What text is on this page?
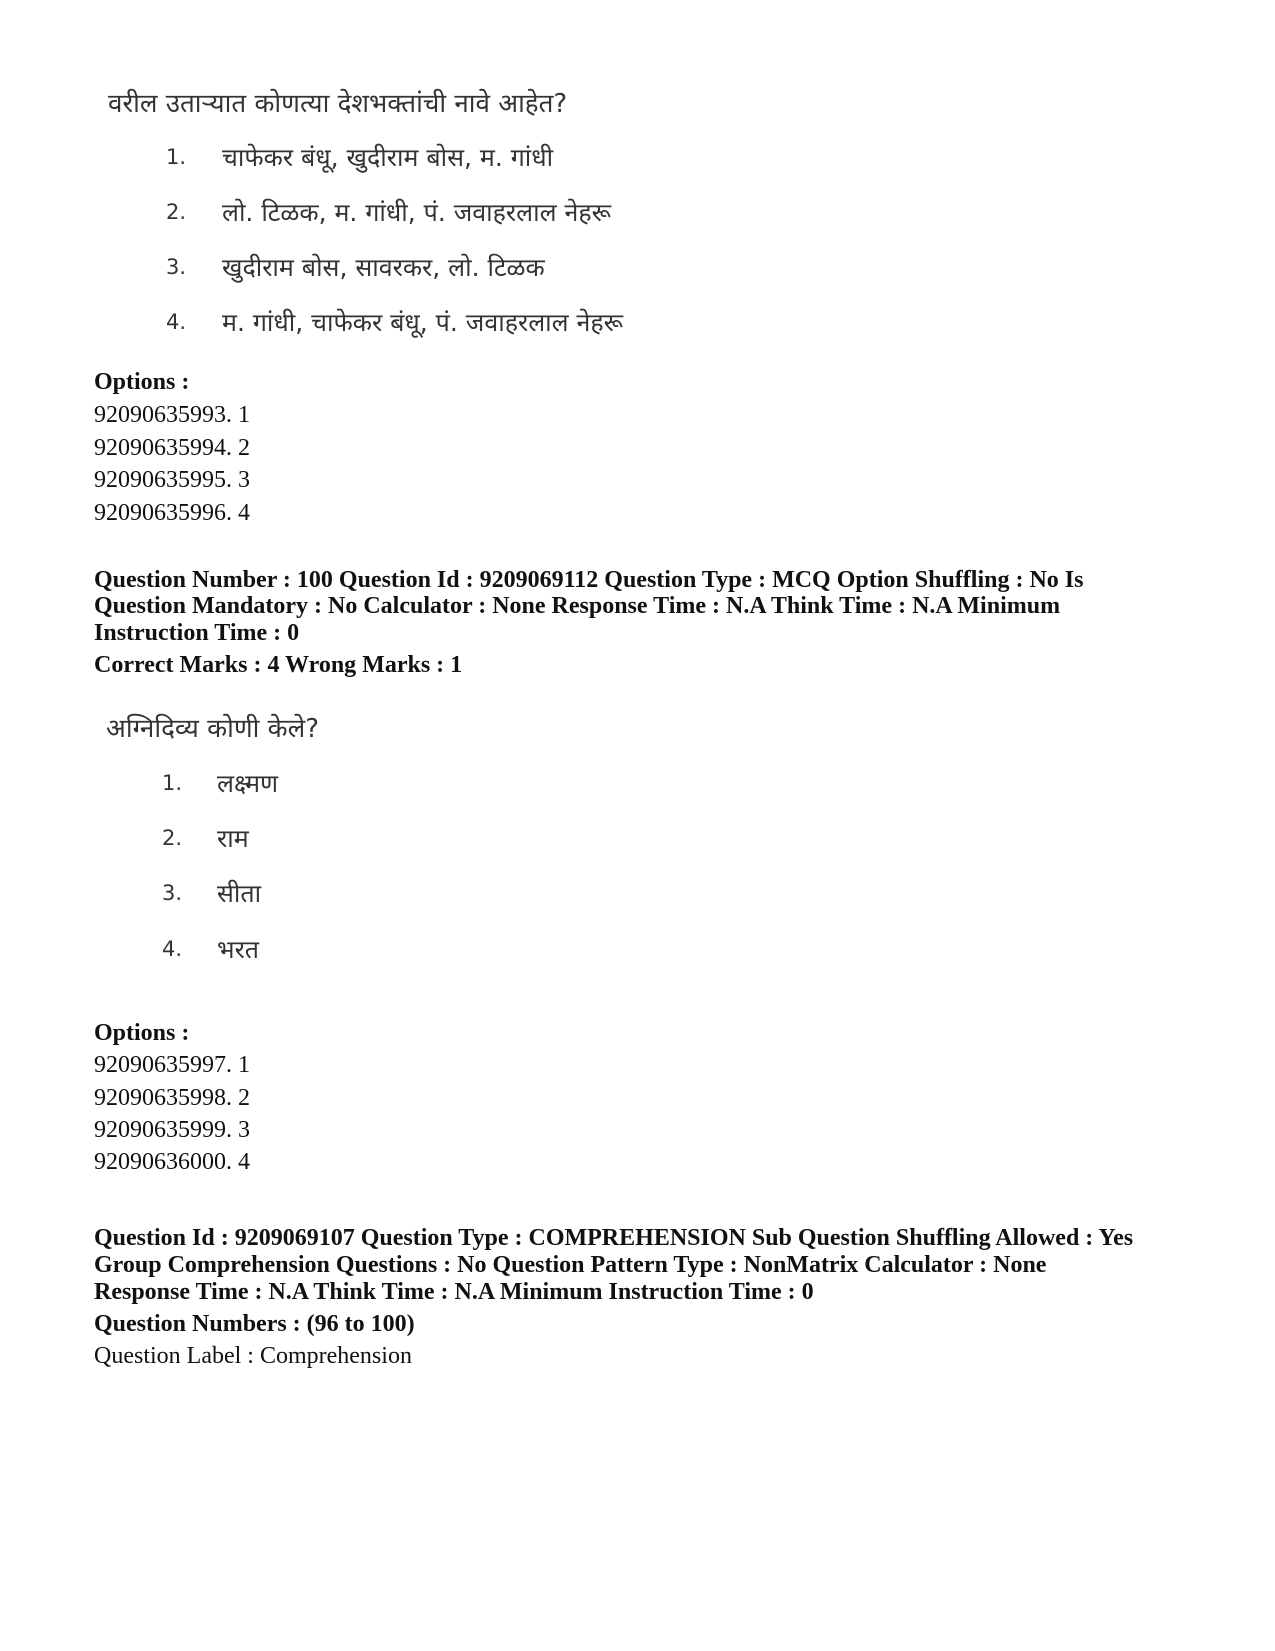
वरील उताऱ्यात कोणत्या देशभक्तांची नावे आहेत?
1. चाफेकर बंधू, खुदीराम बोस, म. गांधी
2. लो. टिळक, म. गांधी, पं. जवाहरलाल नेहरू
3. खुदीराम बोस, सावरकर, लो. टिळक
4. म. गांधी, चाफेकर बंधू, पं. जवाहरलाल नेहरू
Options :
92090635993. 1
92090635994. 2
92090635995. 3
92090635996. 4
Question Number : 100 Question Id : 9209069112 Question Type : MCQ Option Shuffling : No Is
Question Mandatory : No Calculator : None Response Time : N.A Think Time : N.A Minimum
Instruction Time : 0
Correct Marks : 4 Wrong Marks : 1
अग्निदिव्य कोणी केले?
1. लक्ष्मण
2. राम
3. सीता
4. भरत
Options :
92090635997. 1
92090635998. 2
92090635999. 3
92090636000. 4
Question Id : 9209069107 Question Type : COMPREHENSION Sub Question Shuffling Allowed : Yes
Group Comprehension Questions : No Question Pattern Type : NonMatrix Calculator : None
Response Time : N.A Think Time : N.A Minimum Instruction Time : 0
Question Numbers : (96 to 100)
Question Label : Comprehension
